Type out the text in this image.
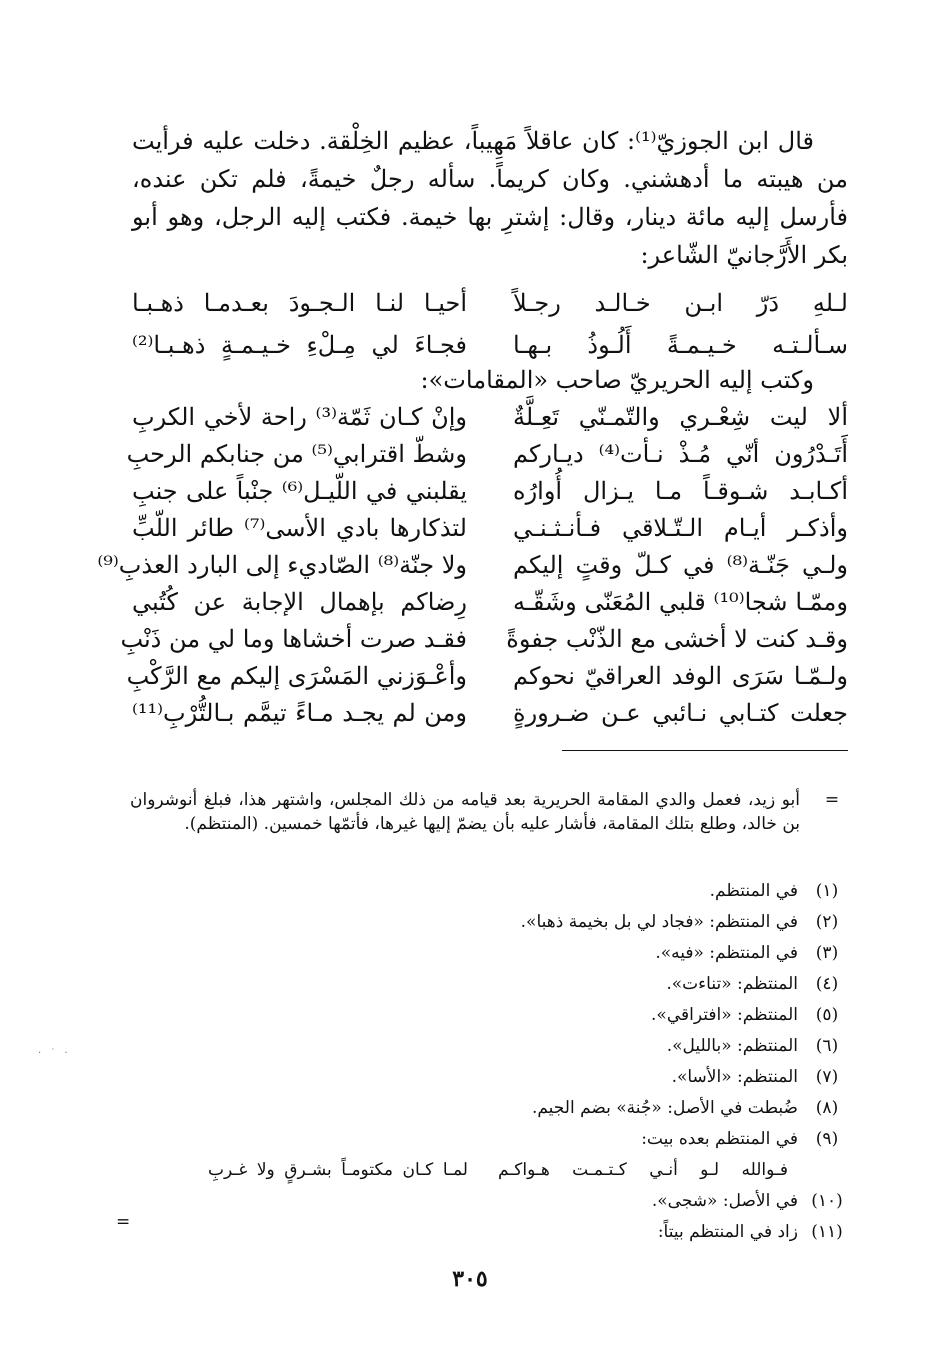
قال ابن الجوزيّ⁽¹⁾: كان عاقلاً مَهِيباً، عظيم الخِلْقة. دخلت عليه فرأيت من هيبته ما أدهشني. وكان كريماً. سأله رجلٌ خيمةً، فلم تكن عنده، فأرسل إليه مائة دينار، وقال: إشترِ بها خيمة. فكتب إليه الرجل، وهو أبو بكر الأَرَّجانيّ الشّاعر:

لـلهِ دَرّ ابـن خـالـد رجـلاً
أحيـا لنـا الـجـودَ بعـدمـا ذهـبـا
سـألـتـه خـيـمـةً أَلُـوذُ بـهـا
فجـاءَ لي مِـلْءِ خـيـمـةٍ ذهـبـا⁽²⁾
وكتب إليه الحريريّ صاحب «المقامات»:
ألا ليت شِعْـري والتّمـنّي تَعِـلَّةٌ
وإنْ كـان ثَمّة⁽³⁾ راحة لأخي الكربِ
أَتَـدْرُون أنّي مُـذْ نـأت⁽⁴⁾ ديـاركم
وشطّ اقترابي⁽⁵⁾ من جنابكم الرحبِ
أكـابـد شـوقـاً مـا يـزال أُوارُه
يقلبني في اللّيـل⁽⁶⁾ جنْباً على جنبِ
وأذكـر أيـام الـتّـلاقي فـأنـثـنـي
لتذكارها بادي الأسى⁽⁷⁾ طائر اللّبِّ
ولـي جَنّـة⁽⁸⁾ في كـلّ وقتٍ إليكم
ولا جنّة⁽⁸⁾ الصّاديء إلى البارد العذبِ⁽⁹⁾
وممّـا شجا⁽¹⁰⁾ قلبي المُعَنّى وشَقّـه
رِضاكم بإهمال الإجابة عن كُتُبي
وقـد كنت لا أخشى مع الذّنْب جفوةً
فقـد صرت أخشاها وما لي من ذَنْبِ
ولـمّـا سَرَى الوفد العراقيّ نحوكم
وأعْـوَزني المَسْرَى إليكم مع الرَّكْبِ
جعلت كتـابي نـائبي عـن ضـرورةٍ
ومن لم يجـد مـاءً تيمَّم بـالتُّرْبِ⁽¹¹⁾
=
أبو زيد، فعمل والدي المقامة الحريرية بعد قيامه من ذلك المجلس، واشتهر هذا، فبلغ أنوشروان بن خالد، وطلع بتلك المقامة، فأشار عليه بأن يضمّ إليها غيرها، فأتمّها خمسين. (المنتظم).
(١)
في المنتظم.
(٢)
في المنتظم: «فجاد لي بل بخيمة ذهبا».
(٣)
في المنتظم: «فيه».
(٤)
المنتظم: «تناءت».
(٥)
المنتظم: «افتراقي».
(٦)
المنتظم: «بالليل».
(٧)
المنتظم: «الأسا».
(٨)
ضُبطت في الأصل: «جُنة» بضم الجيم.
(٩)
في المنتظم بعده بيت:
فـوالله لـو أنـي كـتـمـت هـواكـم
لمـا كـان مكتومـاً بشـرقٍ ولا غـربِ
(١٠)
في الأصل: «شجى».
(١١)
زاد في المنتظم بيتاً:
=
· ˙ ·
٣٠٥
